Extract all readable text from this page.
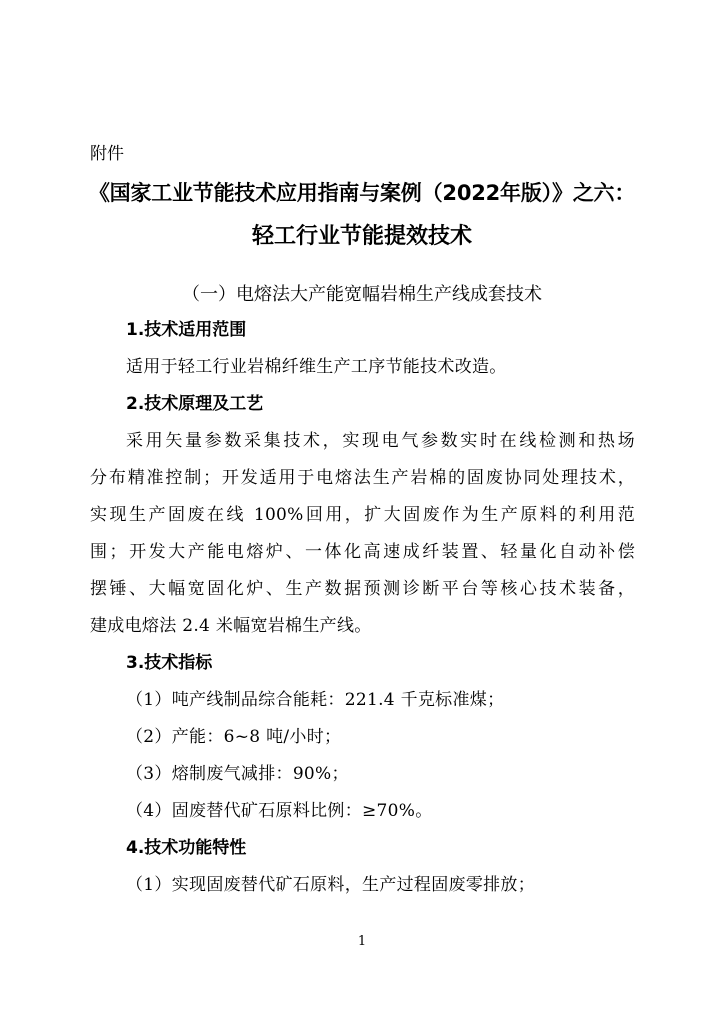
附件
《国家工业节能技术应用指南与案例（2022年版）》之六：
轻工行业节能提效技术
（一）电熔法大产能宽幅岩棉生产线成套技术
1.技术适用范围
适用于轻工行业岩棉纤维生产工序节能技术改造。
2.技术原理及工艺
采用矢量参数采集技术，实现电气参数实时在线检测和热场
分布精准控制；开发适用于电熔法生产岩棉的固废协同处理技术，
实现生产固废在线 100%回用，扩大固废作为生产原料的利用范
围；开发大产能电熔炉、一体化高速成纤装置、轻量化自动补偿
摆锤、大幅宽固化炉、生产数据预测诊断平台等核心技术装备，
建成电熔法 2.4 米幅宽岩棉生产线。
3.技术指标
（1）吨产线制品综合能耗：221.4 千克标准煤；
（2）产能：6~8 吨/小时；
（3）熔制废气减排：90%；
（4）固废替代矿石原料比例：≥70%。
4.技术功能特性
（1）实现固废替代矿石原料，生产过程固废零排放；
1
